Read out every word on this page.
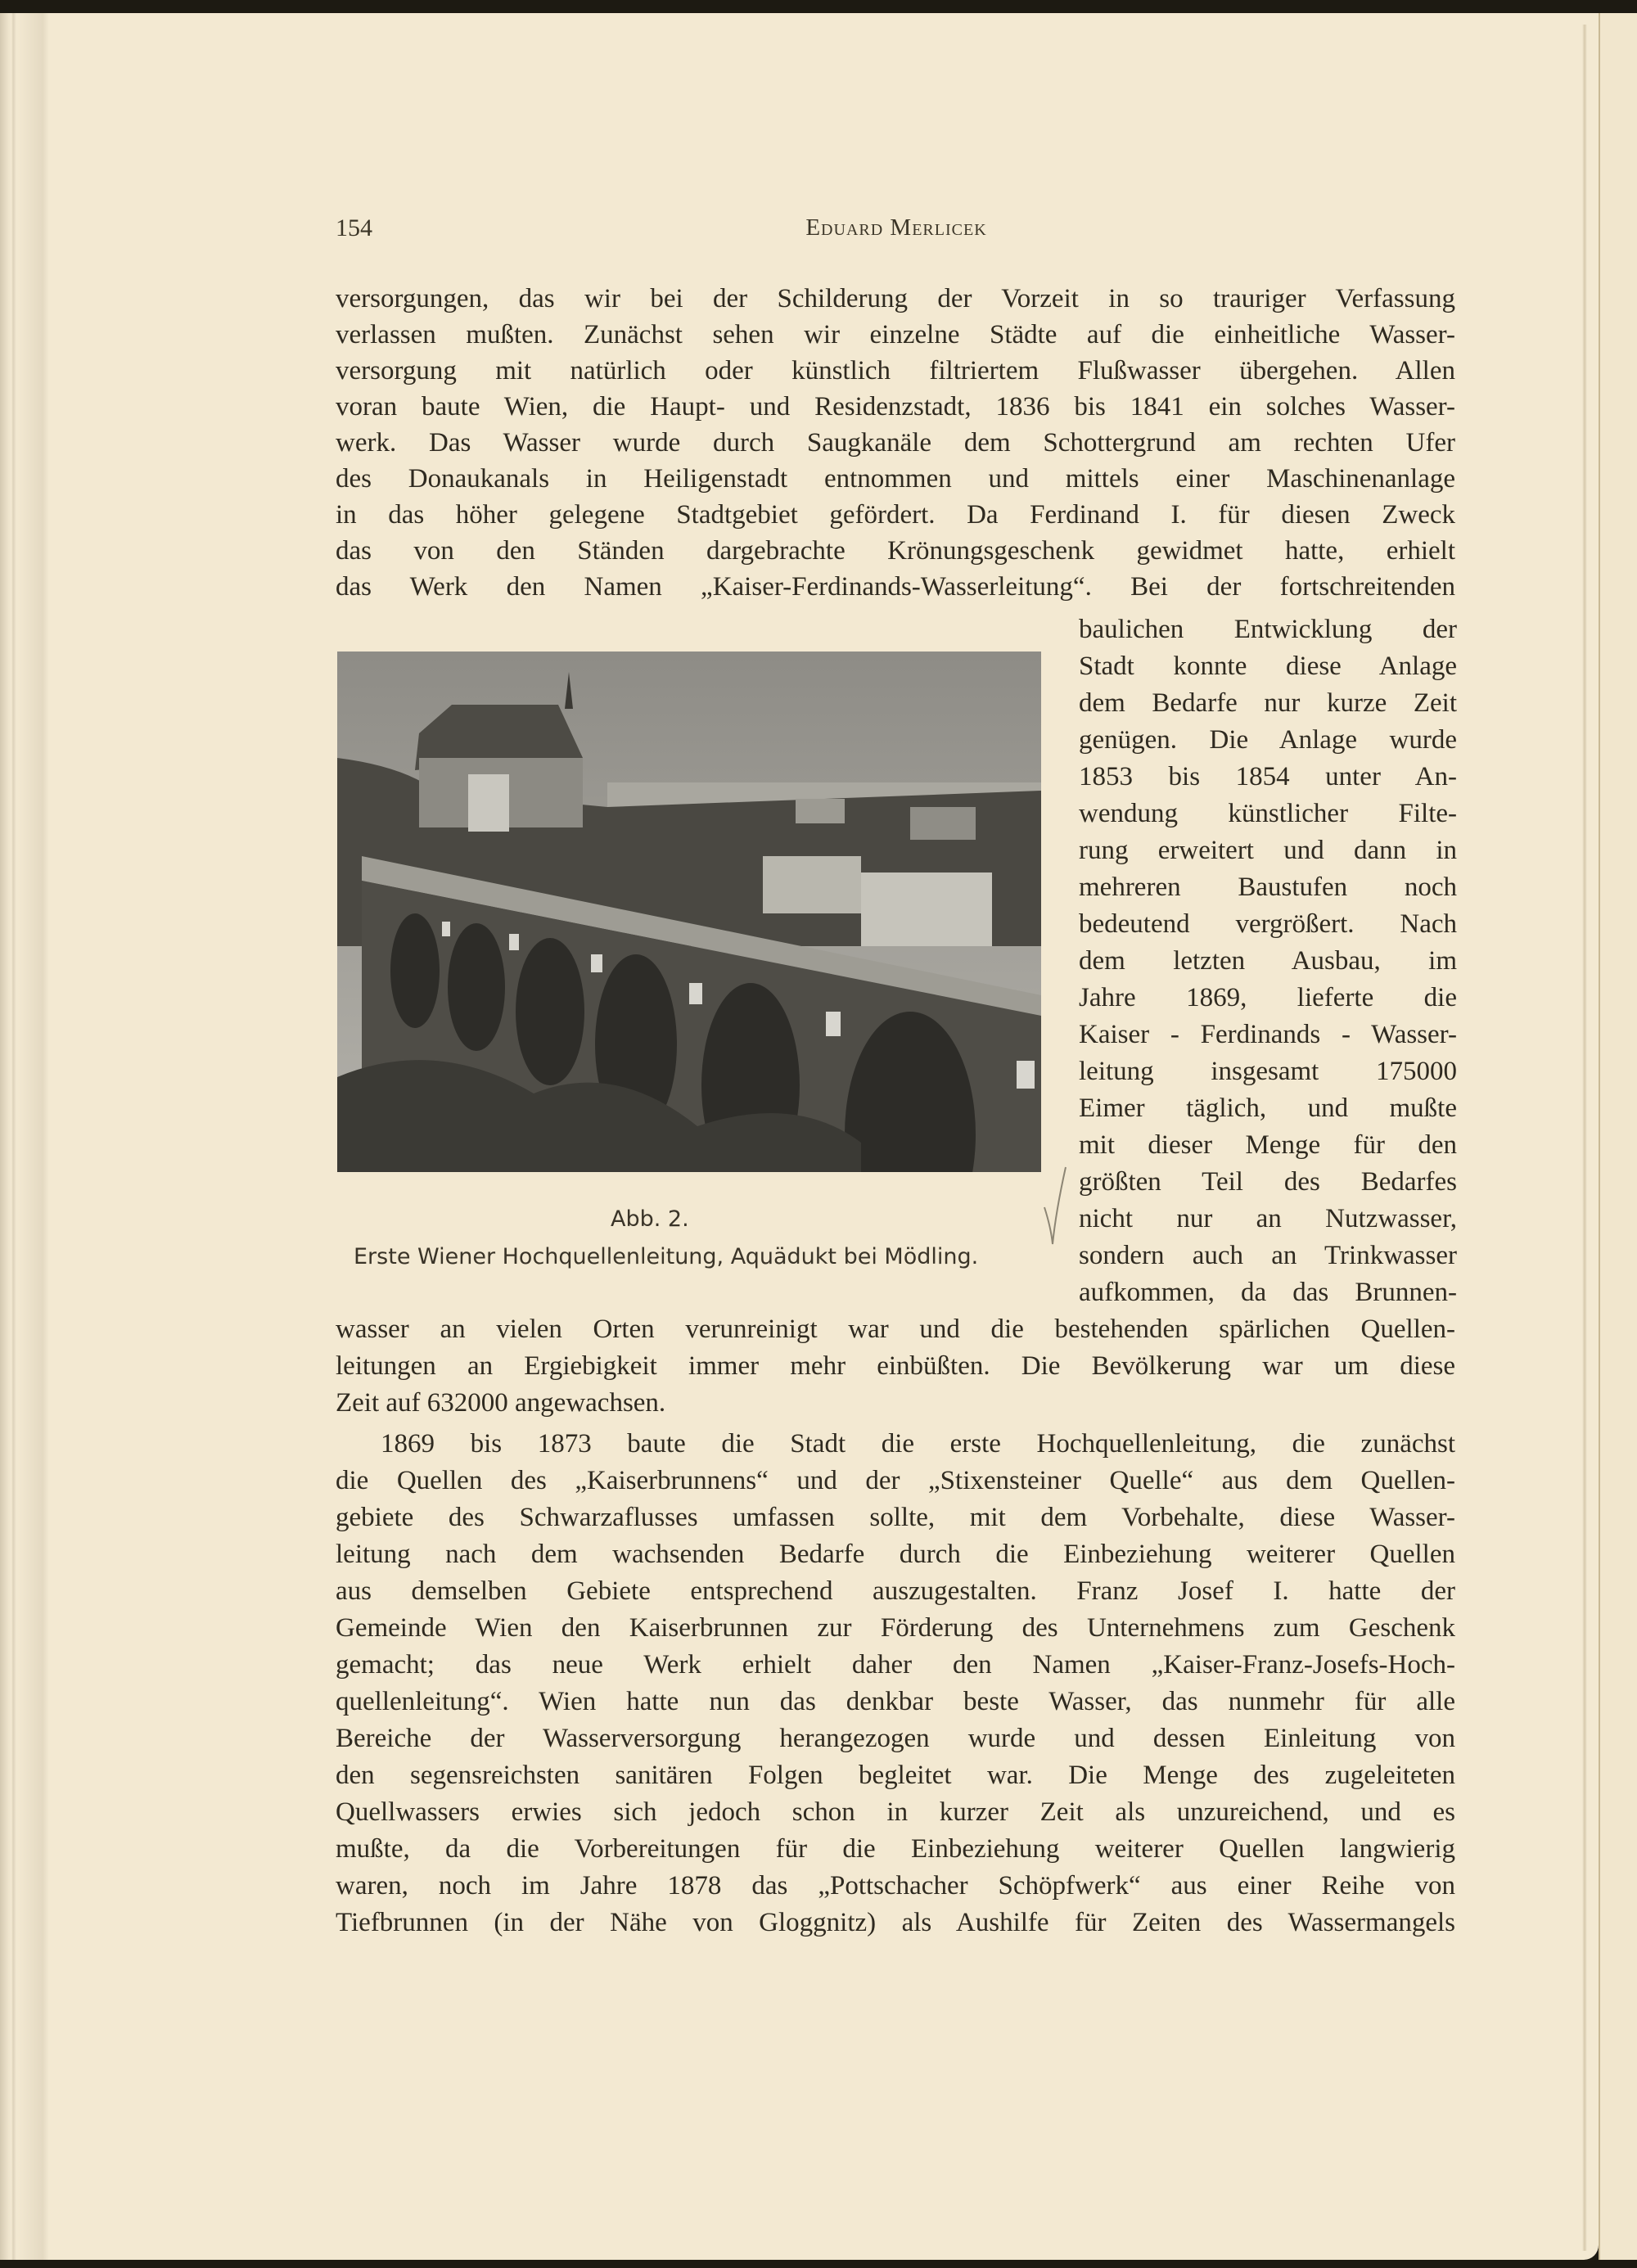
154	Eduard Merlicek
versorgungen, das wir bei der Schilderung der Vorzeit in so trauriger Verfassung
verlassen mußten. Zunächst sehen wir einzelne Städte auf die einheitliche Wasser-
versorgung mit natürlich oder künstlich filtriertem Flußwasser übergehen. Allen
voran baute Wien, die Haupt- und Residenzstadt, 1836 bis 1841 ein solches Wasser-
werk. Das Wasser wurde durch Saugkanäle dem Schottergrund am rechten Ufer
des Donaukanals in Heiligenstadt entnommen und mittels einer Maschinenanlage
in das höher gelegene Stadtgebiet gefördert. Da Ferdinand I. für diesen Zweck
das von den Ständen dargebrachte Krönungsgeschenk gewidmet hatte, erhielt
das Werk den Namen „Kaiser-Ferdinands-Wasserleitung“. Bei der fortschreitenden
baulichen Entwicklung der
Stadt konnte diese Anlage
dem Bedarfe nur kurze Zeit
genügen. Die Anlage wurde
1853 bis 1854 unter An-
wendung künstlicher Filte-
rung erweitert und dann in
mehreren Baustufen noch
bedeutend vergrößert. Nach
dem letzten Ausbau, im
Jahre 1869, lieferte die
Kaiser - Ferdinands - Wasser-
leitung insgesamt 175000
Eimer täglich, und mußte
mit dieser Menge für den
größten Teil des Bedarfes
nicht nur an Nutzwasser,
sondern auch an Trinkwasser
aufkommen, da das Brunnen-
Abb. 2.
Erste Wiener Hochquellenleitung, Aquädukt bei Mödling.
wasser an vielen Orten verunreinigt war und die bestehenden spärlichen Quellen-
leitungen an Ergiebigkeit immer mehr einbüßten. Die Bevölkerung war um diese
Zeit auf 632000 angewachsen.
1869 bis 1873 baute die Stadt die erste Hochquellenleitung, die zunächst
die Quellen des „Kaiserbrunnens“ und der „Stixensteiner Quelle“ aus dem Quellen-
gebiete des Schwarzaflusses umfassen sollte, mit dem Vorbehalte, diese Wasser-
leitung nach dem wachsenden Bedarfe durch die Einbeziehung weiterer Quellen
aus demselben Gebiete entsprechend auszugestalten. Franz Josef I. hatte der
Gemeinde Wien den Kaiserbrunnen zur Förderung des Unternehmens zum Geschenk
gemacht; das neue Werk erhielt daher den Namen „Kaiser-Franz-Josefs-Hoch-
quellenleitung“. Wien hatte nun das denkbar beste Wasser, das nunmehr für alle
Bereiche der Wasserversorgung herangezogen wurde und dessen Einleitung von
den segensreichsten sanitären Folgen begleitet war. Die Menge des zugeleiteten
Quellwassers erwies sich jedoch schon in kurzer Zeit als unzureichend, und es
mußte, da die Vorbereitungen für die Einbeziehung weiterer Quellen langwierig
waren, noch im Jahre 1878 das „Pottschacher Schöpfwerk“ aus einer Reihe von
Tiefbrunnen (in der Nähe von Gloggnitz) als Aushilfe für Zeiten des Wassermangels
